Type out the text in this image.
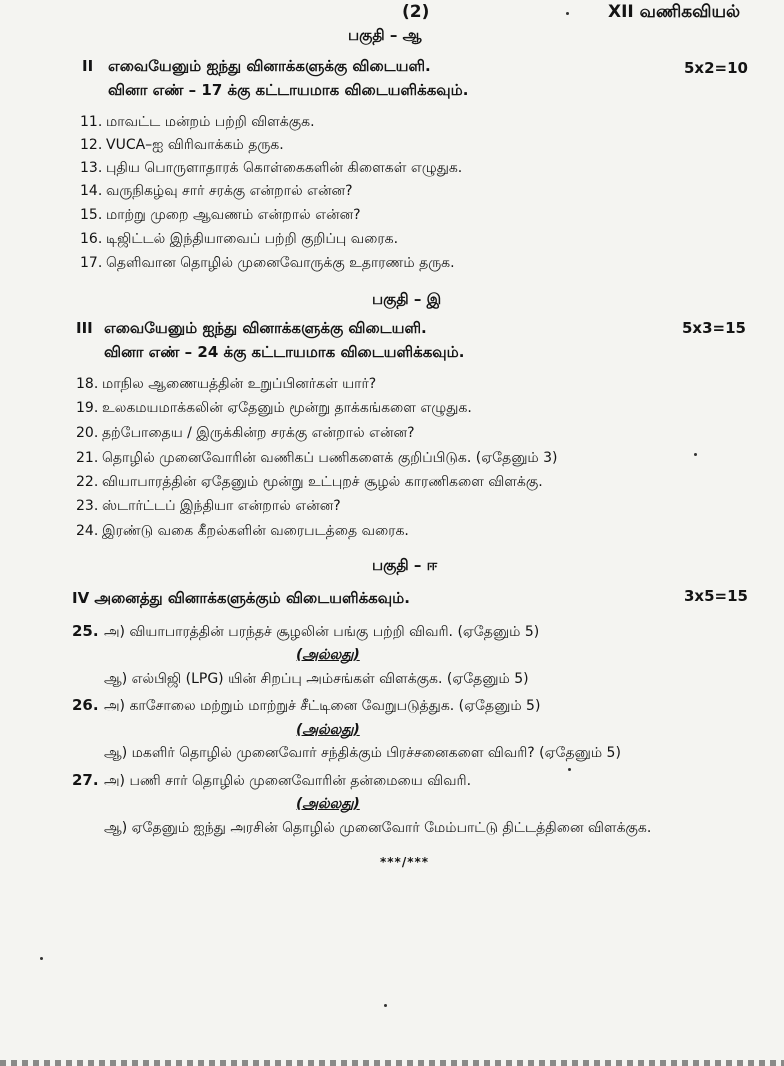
(2)	XII வணிகவியல்
பகுதி – ஆ
II எவையேனும் ஐந்து வினாக்களுக்கு விடையளி.	5x2=10
வினா எண் – 17 க்கு கட்டாயமாக விடையளிக்கவும்.
11. மாவட்ட மன்றம் பற்றி விளக்குக.
12. VUCA–ஐ விரிவாக்கம் தருக.
13. புதிய பொருளாதாரக் கொள்கைகளின் கிளைகள் எழுதுக.
14. வருநிகழ்வு சார் சரக்கு என்றால் என்ன?
15. மாற்று முறை ஆவணம் என்றால் என்ன?
16. டிஜிட்டல் இந்தியாவைப் பற்றி குறிப்பு வரைக.
17. தெளிவான தொழில் முனைவோருக்கு உதாரணம் தருக.
பகுதி – இ
III எவையேனும் ஐந்து வினாக்களுக்கு விடையளி.	5x3=15
வினா எண் – 24 க்கு கட்டாயமாக விடையளிக்கவும்.
18. மாநில ஆணையத்தின் உறுப்பினர்கள் யார்?
19. உலகமயமாக்கலின் ஏதேனும் மூன்று தாக்கங்களை எழுதுக.
20. தற்போதைய / இருக்கின்ற சரக்கு என்றால் என்ன?
21. தொழில் முனைவோரின் வணிகப் பணிகளைக் குறிப்பிடுக. (ஏதேனும் 3)
22. வியாபாரத்தின் ஏதேனும் மூன்று உட்புறச் சூழல் காரணிகளை விளக்கு.
23. ஸ்டார்ட்டப் இந்தியா என்றால் என்ன?
24. இரண்டு வகை கீறல்களின் வரைபடத்தை வரைக.
பகுதி – ஈ
IV அனைத்து வினாக்களுக்கும் விடையளிக்கவும்.	3x5=15
25. அ) வியாபாரத்தின் பரந்தச் சூழலின் பங்கு பற்றி விவரி. (ஏதேனும் 5)
(அல்லது)
ஆ) எல்பிஜி (LPG) யின் சிறப்பு அம்சங்கள் விளக்குக. (ஏதேனும் 5)
26. அ) காசோலை மற்றும் மாற்றுச் சீட்டினை வேறுபடுத்துக. (ஏதேனும் 5)
(அல்லது)
ஆ) மகளிர் தொழில் முனைவோர் சந்திக்கும் பிரச்சனைகளை விவரி? (ஏதேனும் 5)
27. அ) பணி சார் தொழில் முனைவோரின் தன்மையை விவரி.
(அல்லது)
ஆ) ஏதேனும் ஐந்து அரசின் தொழில் முனைவோர் மேம்பாட்டு திட்டத்தினை விளக்குக.
***/***
